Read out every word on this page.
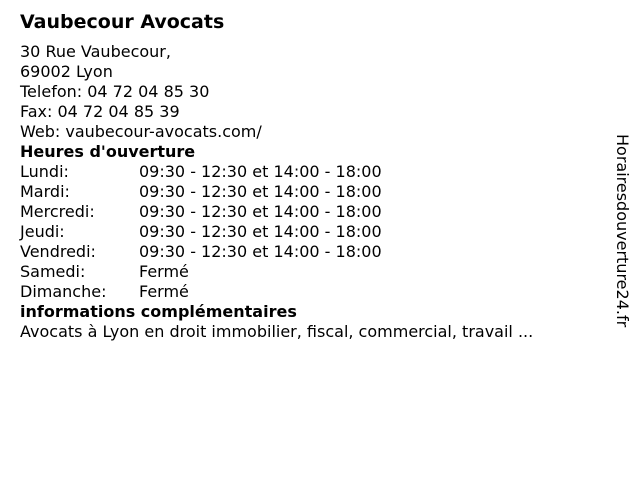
Vaubecour Avocats

30 Rue Vaubecour,

69002 Lyon

Telefon: 04 72 04 85 30

Fax: 04 72 04 85 39

Web: vaubecour-avocats.com/

Heures d'ouverture
Lundi:	09:30 - 12:30 et 14:00 - 18:00
Mardi:	09:30 - 12:30 et 14:00 - 18:00
Mercredi:	09:30 - 12:30 et 14:00 - 18:00
Jeudi:	09:30 - 12:30 et 14:00 - 18:00
Vendredi:	09:30 - 12:30 et 14:00 - 18:00
Samedi:	Fermé
Dimanche:	Fermé
informations complémentaires

Avocats à Lyon en droit immobilier, fiscal, commercial, travail ...

Horairesdouverture24.fr
